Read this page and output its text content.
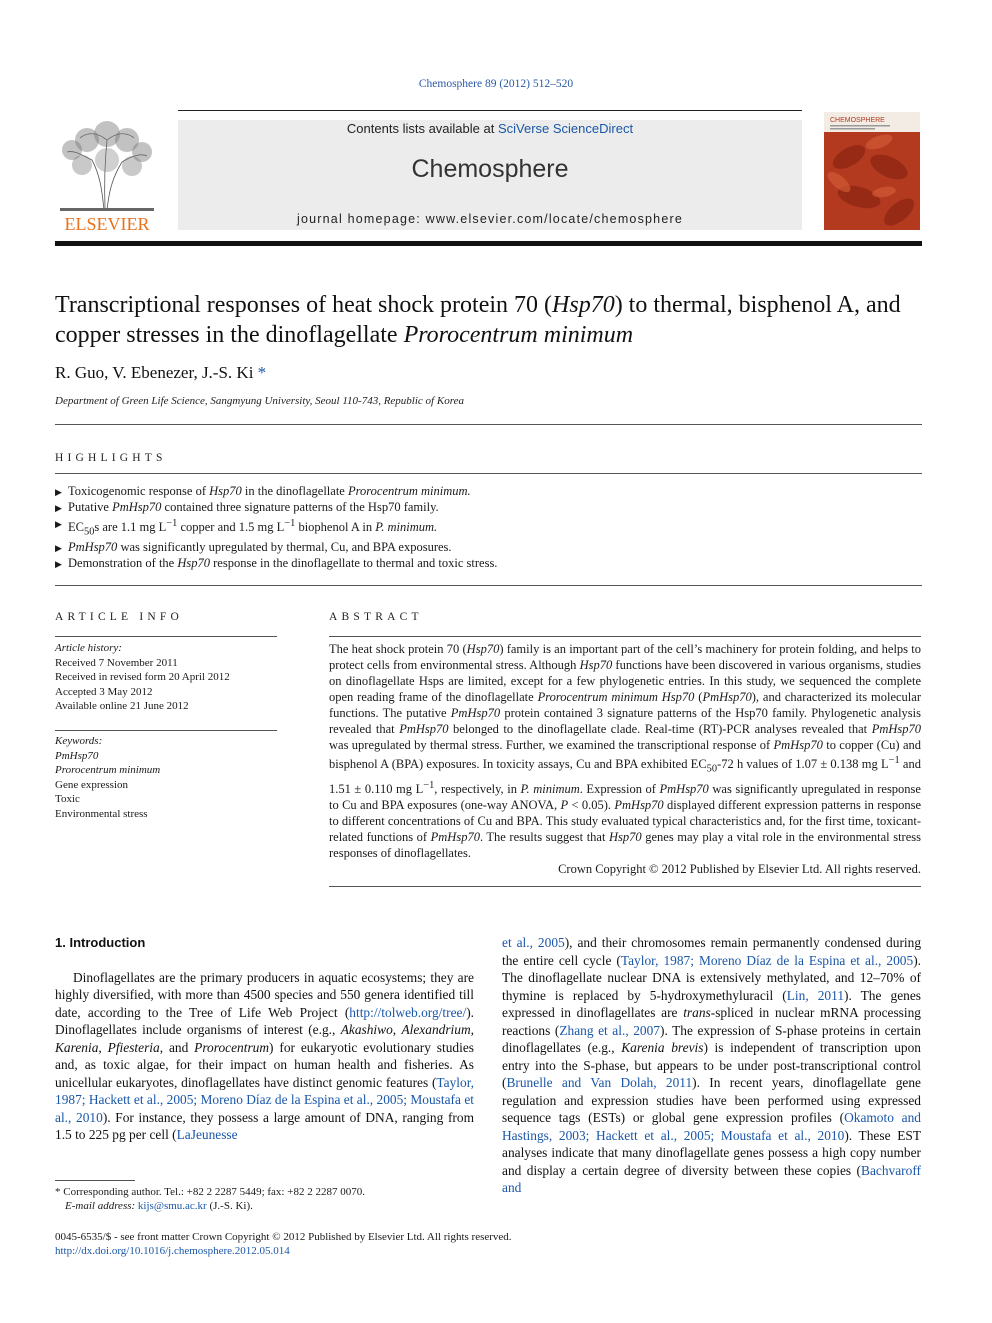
Chemosphere 89 (2012) 512–520
ELSEVIER
Contents lists available at SciVerse ScienceDirect
Chemosphere
journal homepage: www.elsevier.com/locate/chemosphere
CHEMOSPHERE
Transcriptional responses of heat shock protein 70 (Hsp70) to thermal, bisphenol A, and copper stresses in the dinoflagellate Prorocentrum minimum
R. Guo, V. Ebenezer, J.-S. Ki *
Department of Green Life Science, Sangmyung University, Seoul 110-743, Republic of Korea
HIGHLIGHTS
▶ Toxicogenomic response of Hsp70 in the dinoflagellate Prorocentrum minimum.
▶ Putative PmHsp70 contained three signature patterns of the Hsp70 family.
▶ $EC_{50}s$ are 1.1 mg $L^{-1}$ copper and 1.5 mg $L^{-1}$ biophenol A in P. minimum.
▶ PmHsp70 was significantly upregulated by thermal, Cu, and BPA exposures.
▶ Demonstration of the Hsp70 response in the dinoflagellate to thermal and toxic stress.
ARTICLE INFO
Article history:
Received 7 November 2011
Received in revised form 20 April 2012
Accepted 3 May 2012
Available online 21 June 2012
Keywords:
PmHsp70
Prorocentrum minimum
Gene expression
Toxic
Environmental stress
ABSTRACT
The heat shock protein 70 (Hsp70) family is an important part of the cell’s machinery for protein folding, and helps to protect cells from environmental stress. Although Hsp70 functions have been discovered in various organisms, studies on dinoflagellate Hsps are limited, except for a few phylogenetic entries. In this study, we sequenced the complete open reading frame of the dinoflagellate Prorocentrum minimum Hsp70 (PmHsp70), and characterized its molecular functions. The putative PmHsp70 protein contained 3 signature patterns of the Hsp70 family. Phylogenetic analysis revealed that PmHsp70 belonged to the dinoflagellate clade. Real-time (RT)-PCR analyses revealed that PmHsp70 was upregulated by thermal stress. Further, we examined the transcriptional response of PmHsp70 to copper (Cu) and bisphenol A (BPA) exposures. In toxicity assays, Cu and BPA exhibited $EC_{50}-72$ h values of 1.07 ± 0.138 mg $L^{-1}$ and 1.51 ± 0.110 mg $L^{-1}$, respectively, in P. minimum. Expression of PmHsp70 was significantly upregulated in response to Cu and BPA exposures (one-way ANOVA, P < 0.05). PmHsp70 displayed different expression patterns in response to different concentrations of Cu and BPA. This study evaluated typical characteristics and, for the first time, toxicant-related functions of PmHsp70. The results suggest that Hsp70 genes may play a vital role in the environmental stress responses of dinoflagellates.
Crown Copyright © 2012 Published by Elsevier Ltd. All rights reserved.
1. Introduction
Dinoflagellates are the primary producers in aquatic ecosystems; they are highly diversified, with more than 4500 species and 550 genera identified till date, according to the Tree of Life Web Project (http://tolweb.org/tree/). Dinoflagellates include organisms of interest (e.g., Akashiwo, Alexandrium, Karenia, Pfiesteria, and Prorocentrum) for eukaryotic evolutionary studies and, as toxic algae, for their impact on human health and fisheries. As unicellular eukaryotes, dinoflagellates have distinct genomic features (Taylor, 1987; Hackett et al., 2005; Moreno Díaz de la Espina et al., 2005; Moustafa et al., 2010). For instance, they possess a large amount of DNA, ranging from 1.5 to 225 pg per cell (LaJeunesse
et al., 2005), and their chromosomes remain permanently condensed during the entire cell cycle (Taylor, 1987; Moreno Díaz de la Espina et al., 2005). The dinoflagellate nuclear DNA is extensively methylated, and 12–70% of thymine is replaced by 5-hydroxymethyluracil (Lin, 2011). The genes expressed in dinoflagellates are trans-spliced in nuclear mRNA processing reactions (Zhang et al., 2007). The expression of S-phase proteins in certain dinoflagellates (e.g., Karenia brevis) is independent of transcription upon entry into the S-phase, but appears to be under post-transcriptional control (Brunelle and Van Dolah, 2011). In recent years, dinoflagellate gene regulation and expression studies have been performed using expressed sequence tags (ESTs) or global gene expression profiles (Okamoto and Hastings, 2003; Hackett et al., 2005; Moustafa et al., 2010). These EST analyses indicate that many dinoflagellate genes possess a high copy number and display a certain degree of diversity between these copies (Bachvaroff and
* Corresponding author. Tel.: +82 2 2287 5449; fax: +82 2 2287 0070.
E-mail address: kijs@smu.ac.kr (J.-S. Ki).
0045-6535/$ - see front matter Crown Copyright © 2012 Published by Elsevier Ltd. All rights reserved.
http://dx.doi.org/10.1016/j.chemosphere.2012.05.014
